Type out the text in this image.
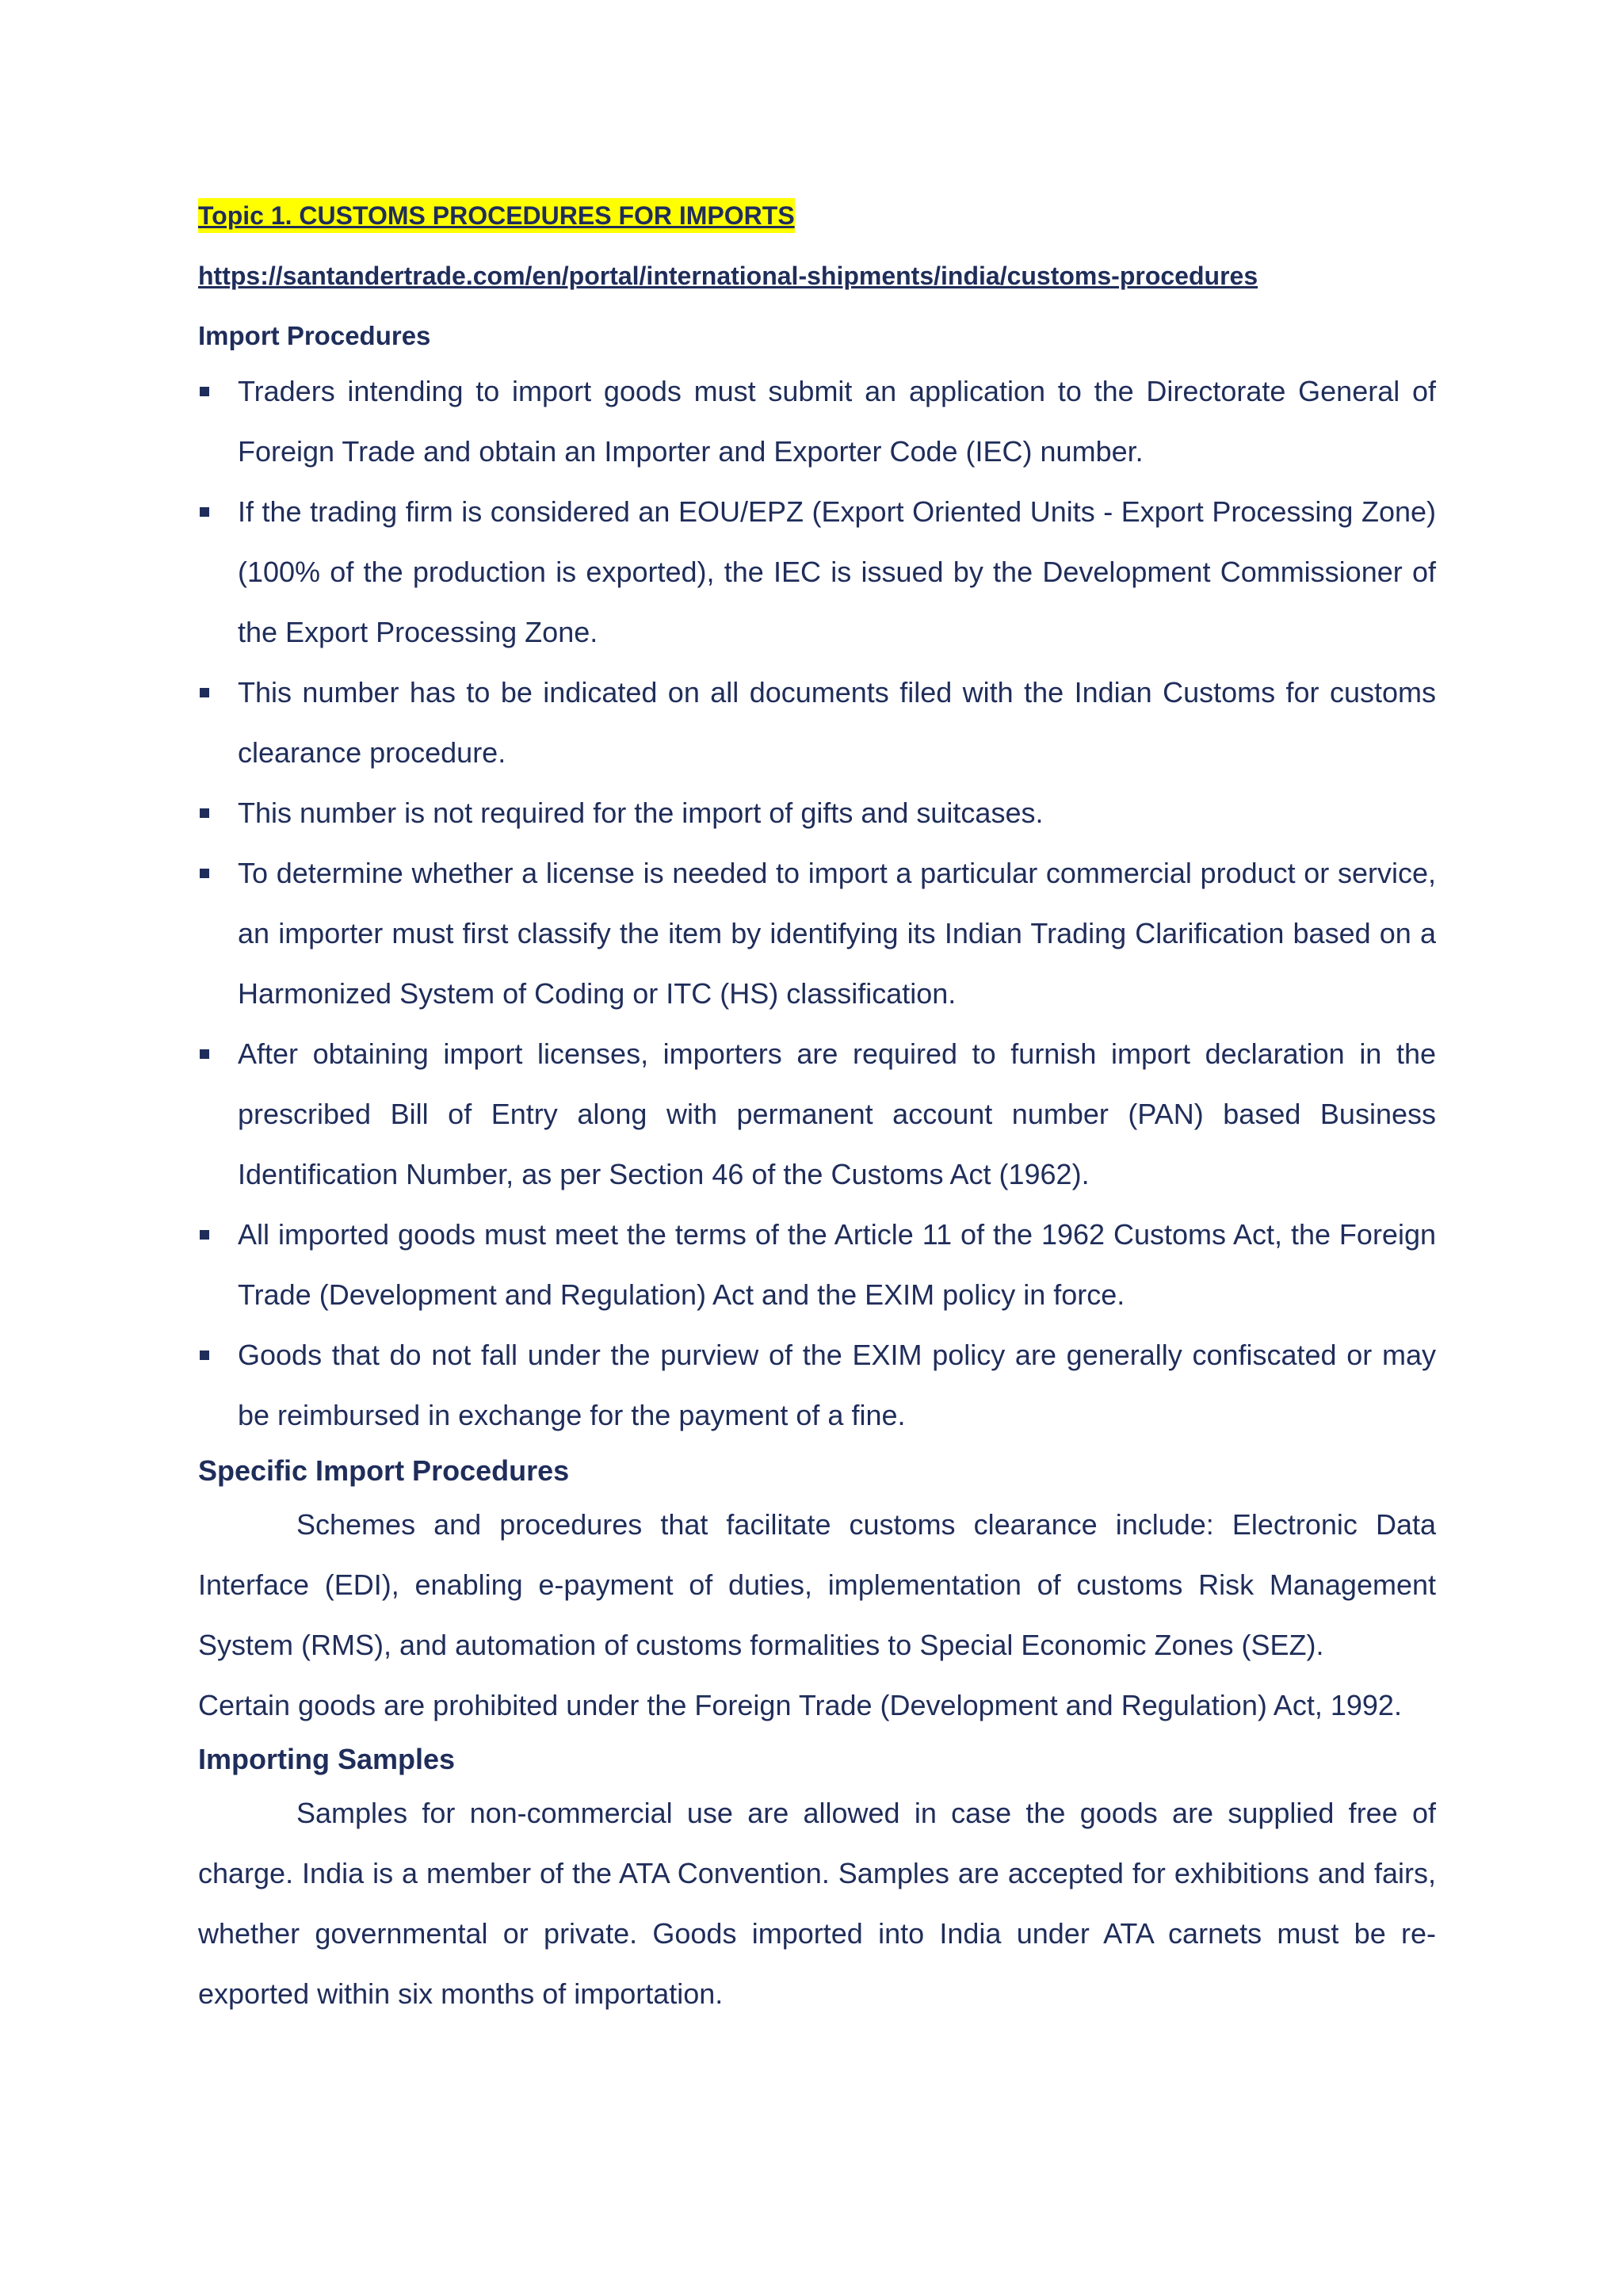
Topic 1. CUSTOMS PROCEDURES FOR IMPORTS
https://santandertrade.com/en/portal/international-shipments/india/customs-procedures
Import Procedures
Traders intending to import goods must submit an application to the Directorate General of Foreign Trade and obtain an Importer and Exporter Code (IEC) number.
If the trading firm is considered an EOU/EPZ (Export Oriented Units - Export Processing Zone) (100% of the production is exported), the IEC is issued by the Development Commissioner of the Export Processing Zone.
This number has to be indicated on all documents filed with the Indian Customs for customs clearance procedure.
This number is not required for the import of gifts and suitcases.
To determine whether a license is needed to import a particular commercial product or service, an importer must first classify the item by identifying its Indian Trading Clarification based on a Harmonized System of Coding or ITC (HS) classification.
After obtaining import licenses, importers are required to furnish import declaration in the prescribed Bill of Entry along with permanent account number (PAN) based Business Identification Number, as per Section 46 of the Customs Act (1962).
All imported goods must meet the terms of the Article 11 of the 1962 Customs Act, the Foreign Trade (Development and Regulation) Act and the EXIM policy in force.
Goods that do not fall under the purview of the EXIM policy are generally confiscated or may be reimbursed in exchange for the payment of a fine.
Specific Import Procedures

Schemes and procedures that facilitate customs clearance include: Electronic Data Interface (EDI), enabling e-payment of duties, implementation of customs Risk Management System (RMS), and automation of customs formalities to Special Economic Zones (SEZ).

Certain goods are prohibited under the Foreign Trade (Development and Regulation) Act, 1992.

Importing Samples

Samples for non-commercial use are allowed in case the goods are supplied free of charge. India is a member of the ATA Convention. Samples are accepted for exhibitions and fairs, whether governmental or private. Goods imported into India under ATA carnets must be re-exported within six months of importation.
